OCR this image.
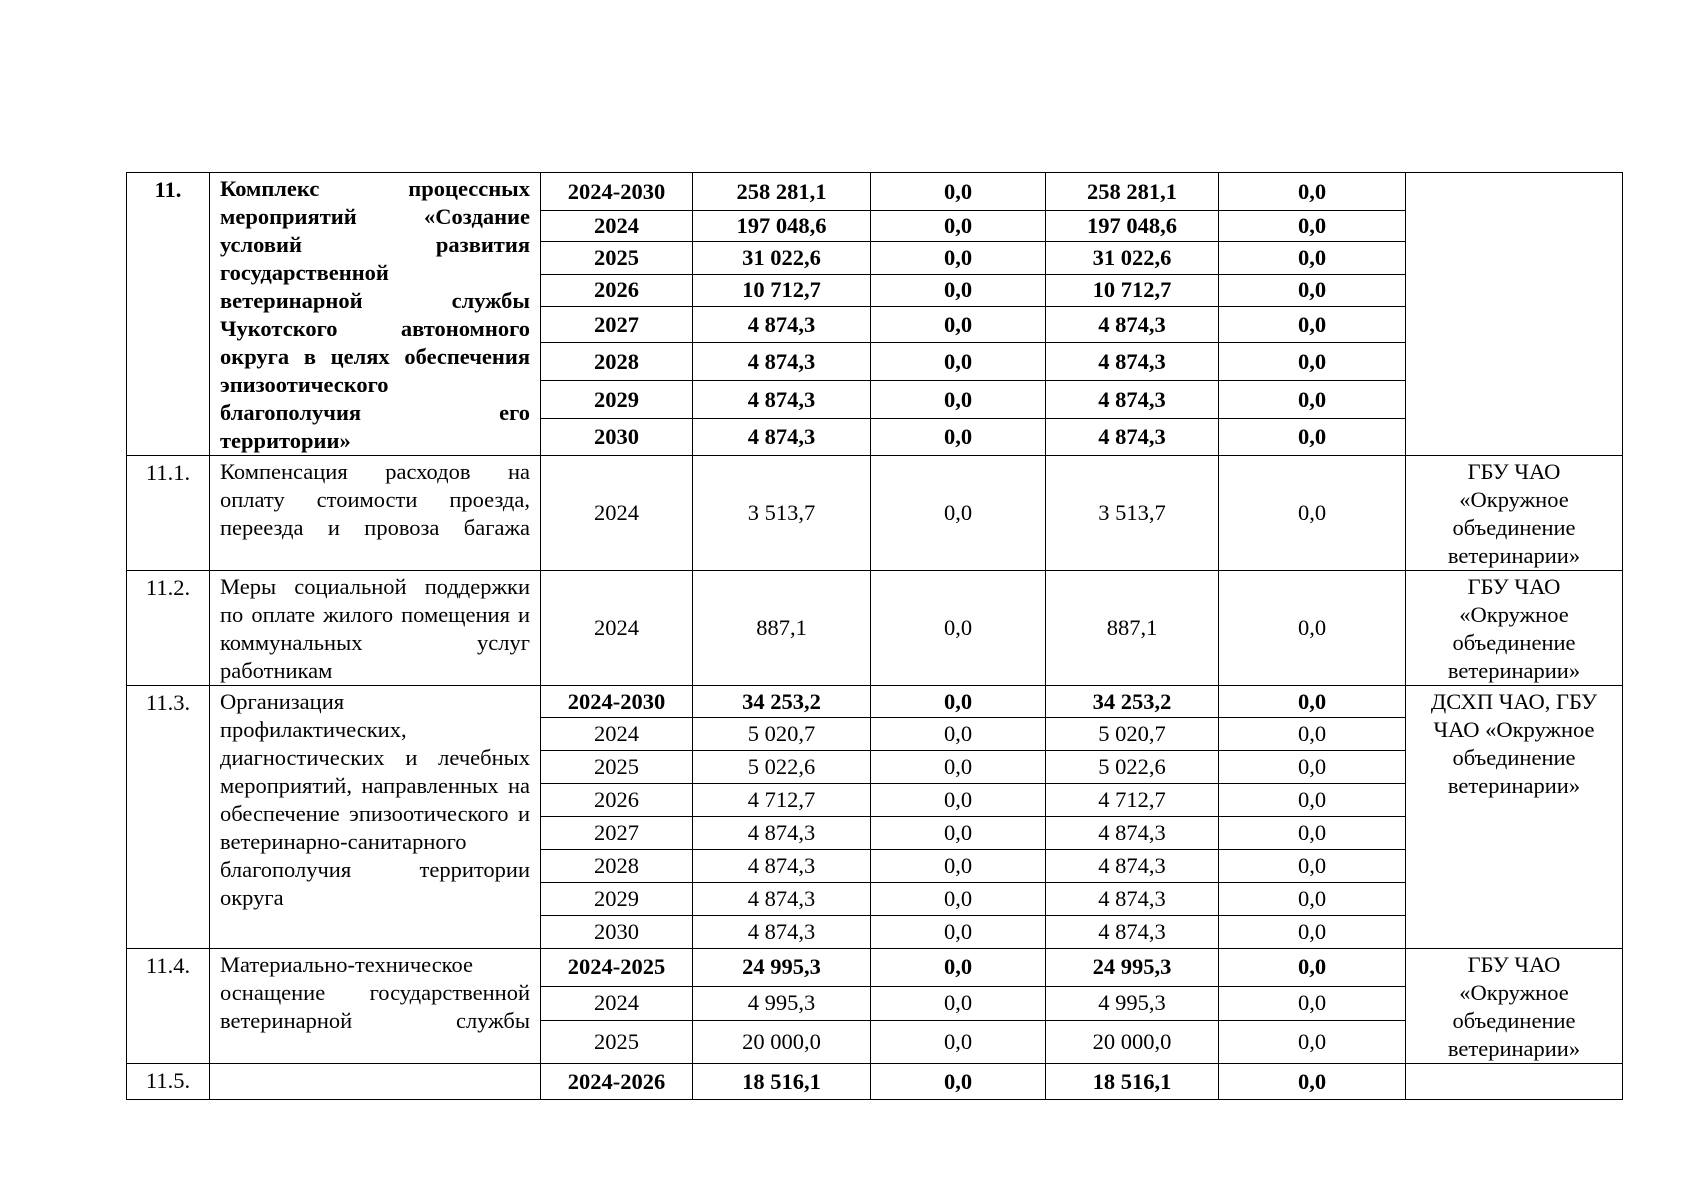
11.	Комплекс процессных мероприятий «Создание условий развития государственной ветеринарной службы Чукотского автономного округа в целях обеспечения эпизоотического благополучия его территории»	2024-2030	258 281,1	0,0	258 281,1	0,0	
		2024	197 048,6	0,0	197 048,6	0,0	
		2025	31 022,6	0,0	31 022,6	0,0	
		2026	10 712,7	0,0	10 712,7	0,0	
		2027	4 874,3	0,0	4 874,3	0,0	
		2028	4 874,3	0,0	4 874,3	0,0	
		2029	4 874,3	0,0	4 874,3	0,0	
		2030	4 874,3	0,0	4 874,3	0,0	
11.1.	Компенсация расходов на оплату стоимости проезда, переезда и провоза багажа	2024	3 513,7	0,0	3 513,7	0,0	ГБУ ЧАО «Окружное объединение ветеринарии»
11.2.	Меры социальной поддержки по оплате жилого помещения и коммунальных услуг работникам	2024	887,1	0,0	887,1	0,0	ГБУ ЧАО «Окружное объединение ветеринарии»
11.3.	Организация профилактических, диагностических и лечебных мероприятий, направленных на обеспечение эпизоотического и ветеринарно-санитарного благополучия территории округа	2024-2030	34 253,2	0,0	34 253,2	0,0	ДСХП ЧАО, ГБУ ЧАО «Окружное объединение ветеринарии»
		2024	5 020,7	0,0	5 020,7	0,0	
		2025	5 022,6	0,0	5 022,6	0,0	
		2026	4 712,7	0,0	4 712,7	0,0	
		2027	4 874,3	0,0	4 874,3	0,0	
		2028	4 874,3	0,0	4 874,3	0,0	
		2029	4 874,3	0,0	4 874,3	0,0	
		2030	4 874,3	0,0	4 874,3	0,0	
11.4.	Материально-техническое оснащение государственной ветеринарной службы	2024-2025	24 995,3	0,0	24 995,3	0,0	ГБУ ЧАО «Окружное объединение ветеринарии»
		2024	4 995,3	0,0	4 995,3	0,0	
		2025	20 000,0	0,0	20 000,0	0,0	
11.5.		2024-2026	18 516,1	0,0	18 516,1	0,0	
